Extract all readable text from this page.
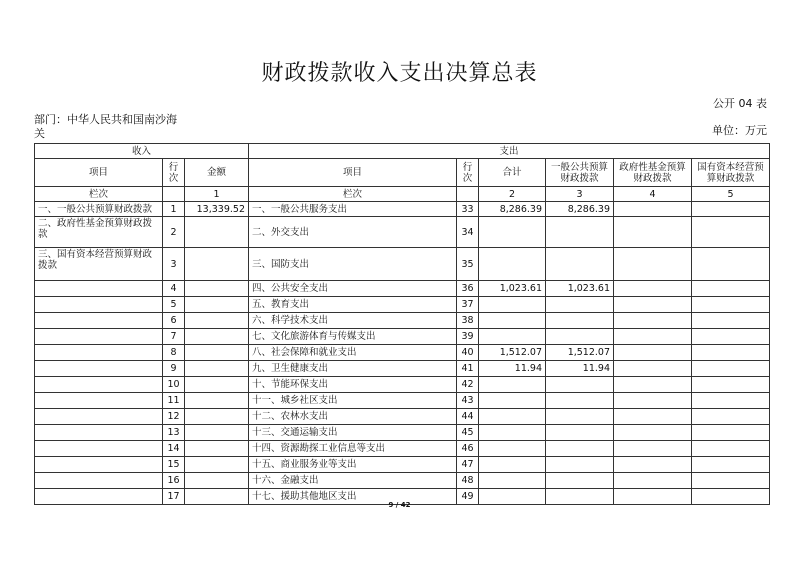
财政拨款收入支出决算总表
公开 04 表
部门：中华人民共和国南沙海关	单位：万元
收入			支出					
项目	行次	金额	项目	行次	合计	一般公共预算财政拨款	政府性基金预算财政拨款	国有资本经营预算财政拨款
栏次		1	栏次		2	3	4	5
一、一般公共预算财政拨款	1	13,339.52	一、一般公共服务支出	33	8,286.39	8,286.39		
二、政府性基金预算财政拨款	2		二、外交支出	34				
三、国有资本经营预算财政拨款	3		三、国防支出	35				
	4		四、公共安全支出	36	1,023.61	1,023.61		
	5		五、教育支出	37				
	6		六、科学技术支出	38				
	7		七、文化旅游体育与传媒支出	39				
	8		八、社会保障和就业支出	40	1,512.07	1,512.07		
	9		九、卫生健康支出	41	11.94	11.94		
	10		十、节能环保支出	42				
	11		十一、城乡社区支出	43				
	12		十二、农林水支出	44				
	13		十三、交通运输支出	45				
	14		十四、资源勘探工业信息等支出	46				
	15		十五、商业服务业等支出	47				
	16		十六、金融支出	48				
	17		十七、援助其他地区支出	49				
9 / 42
